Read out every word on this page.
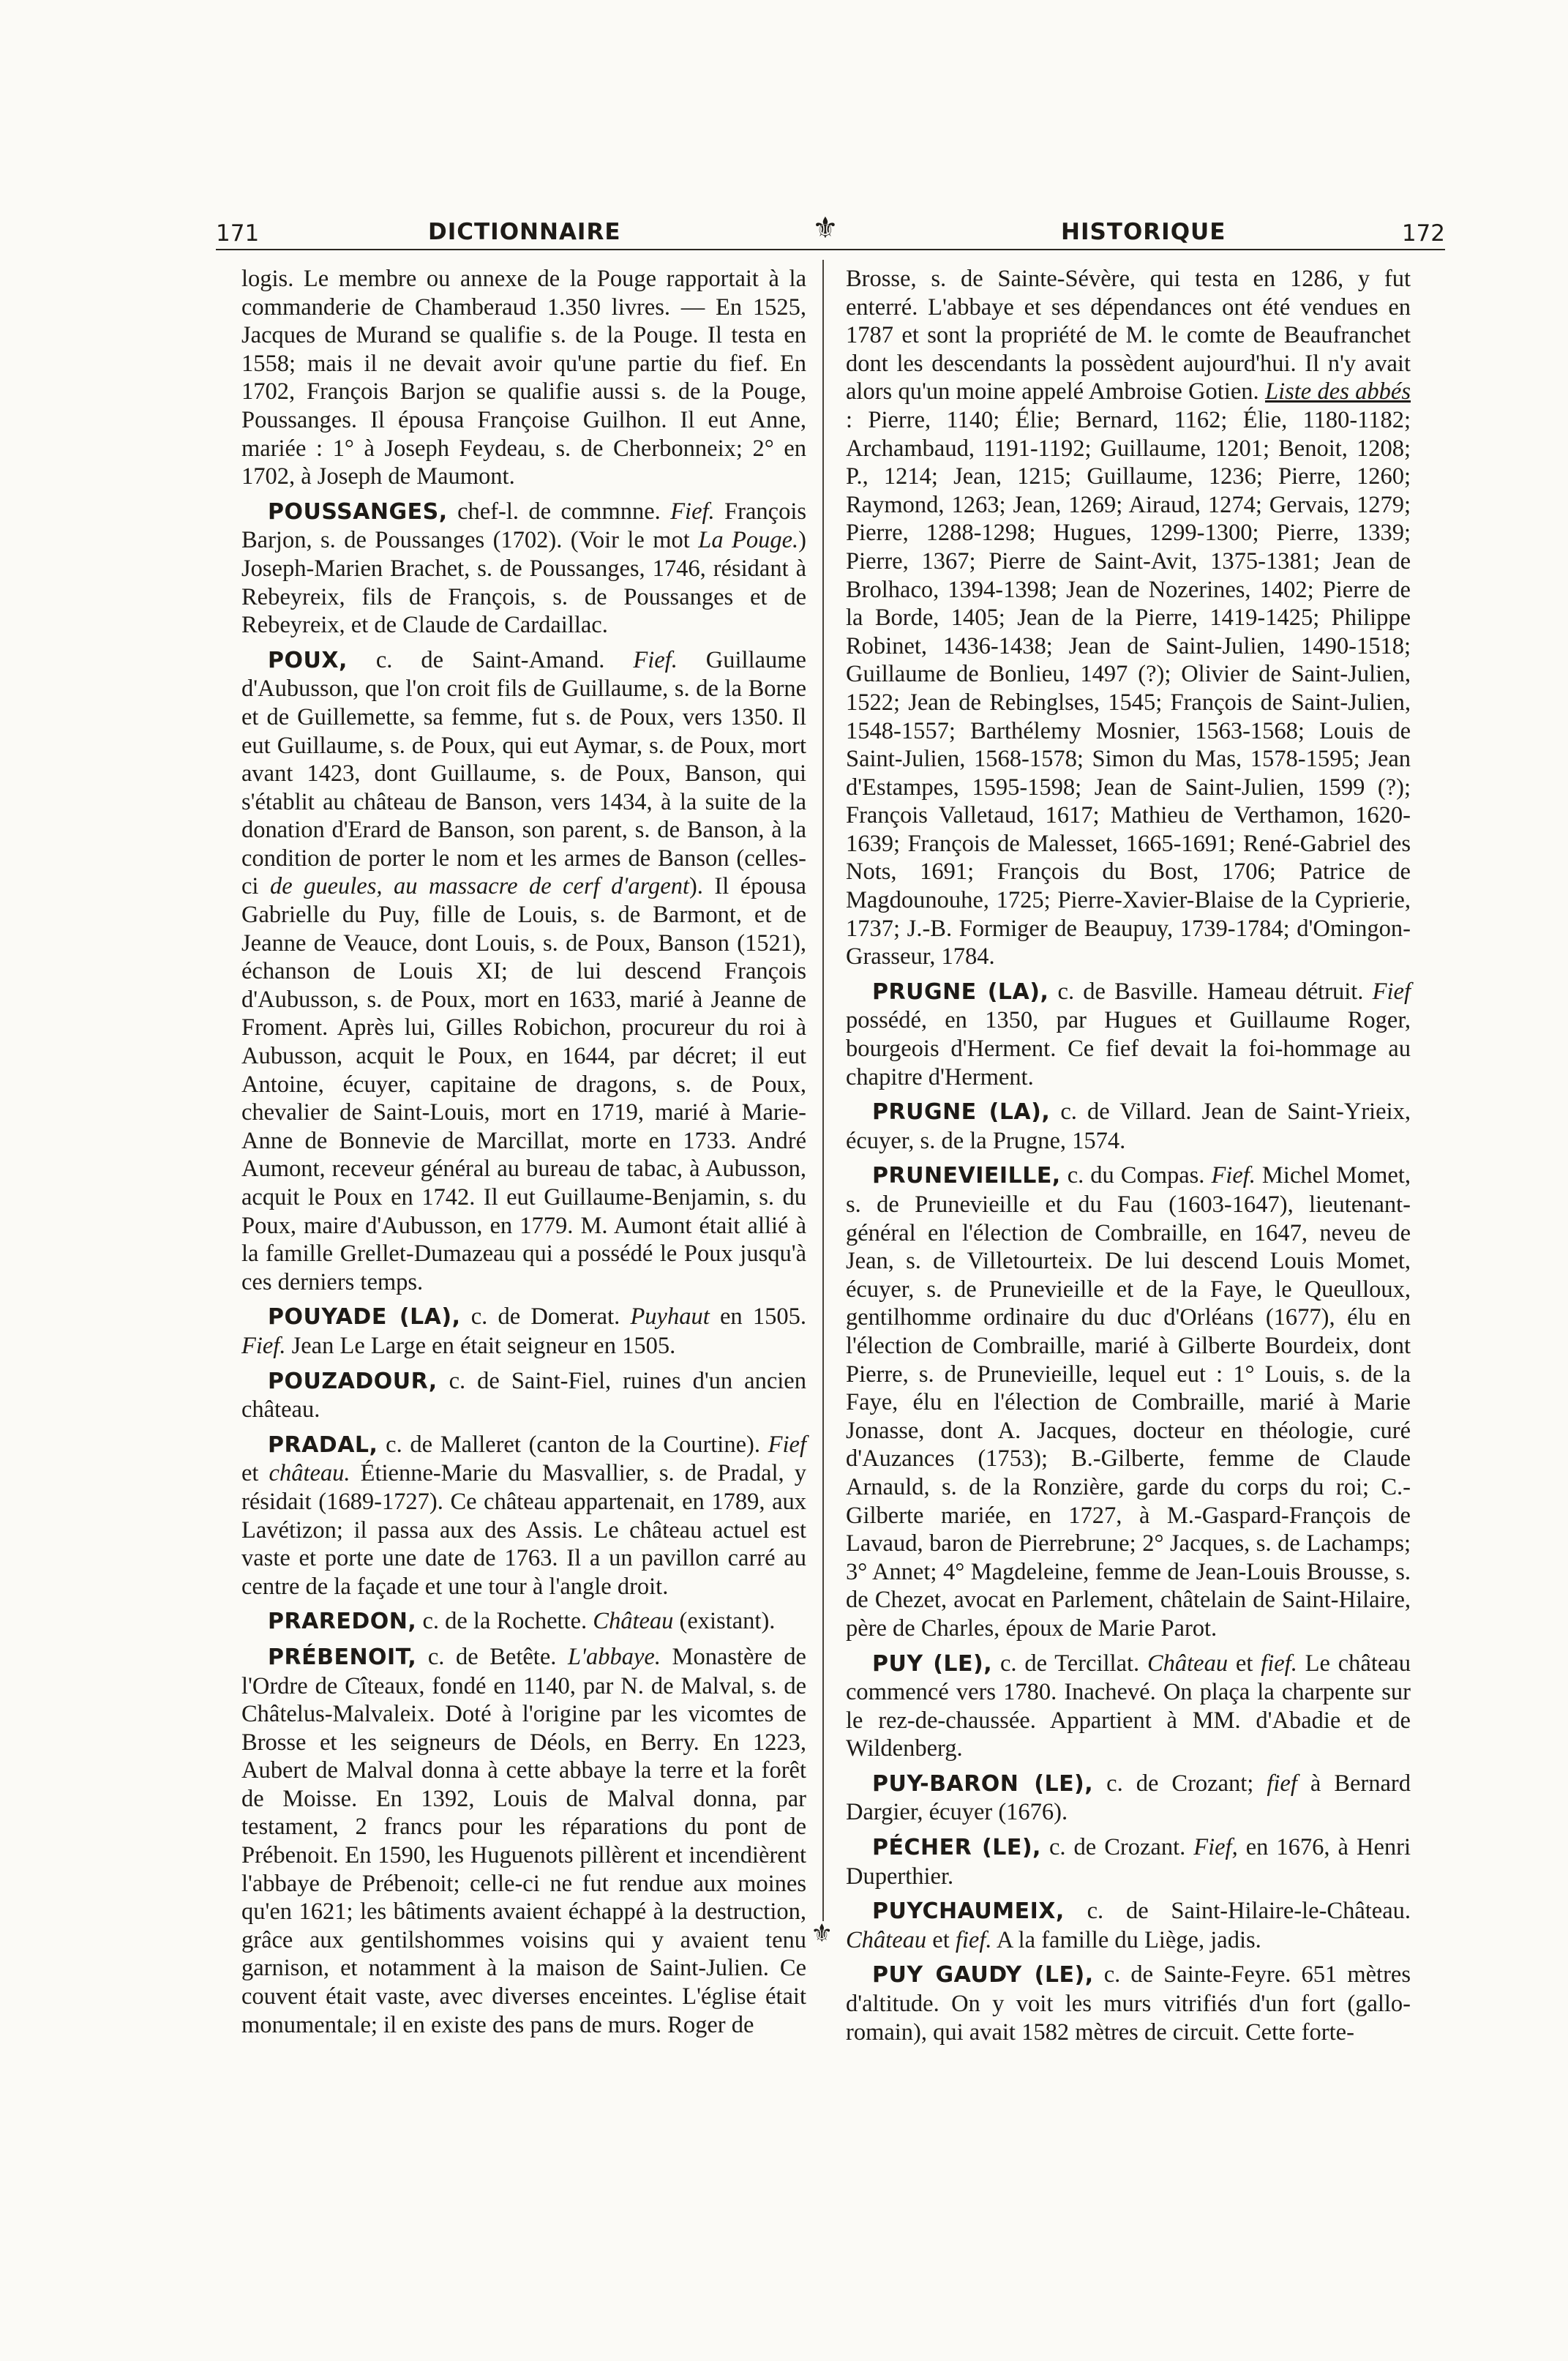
171	DICTIONNAIRE	⚜	HISTORIQUE	172
⚜

logis. Le membre ou annexe de la Pouge rapportait à la commanderie de Chamberaud 1.350 livres. — En 1525, Jacques de Murand se qualifie s. de la Pouge. Il testa en 1558; mais il ne devait avoir qu'une partie du fief. En 1702, François Barjon se qualifie aussi s. de la Pouge, Poussanges. Il épousa Françoise Guilhon. Il eut Anne, mariée : 1° à Joseph Feydeau, s. de Cherbonneix; 2° en 1702, à Joseph de Maumont.

POUSSANGES, chef-l. de commnne. Fief. François Barjon, s. de Poussanges (1702). (Voir le mot La Pouge.) Joseph-Marien Brachet, s. de Poussanges, 1746, résidant à Rebeyreix, fils de François, s. de Poussanges et de Rebeyreix, et de Claude de Cardaillac.

POUX, c. de Saint-Amand. Fief. Guillaume d'Aubusson, que l'on croit fils de Guillaume, s. de la Borne et de Guillemette, sa femme, fut s. de Poux, vers 1350. Il eut Guillaume, s. de Poux, qui eut Aymar, s. de Poux, mort avant 1423, dont Guillaume, s. de Poux, Banson, qui s'établit au château de Banson, vers 1434, à la suite de la donation d'Erard de Banson, son parent, s. de Banson, à la condition de porter le nom et les armes de Banson (celles-ci de gueules, au massacre de cerf d'argent). Il épousa Gabrielle du Puy, fille de Louis, s. de Barmont, et de Jeanne de Veauce, dont Louis, s. de Poux, Banson (1521), échanson de Louis XI; de lui descend François d'Aubusson, s. de Poux, mort en 1633, marié à Jeanne de Froment. Après lui, Gilles Robichon, procureur du roi à Aubusson, acquit le Poux, en 1644, par décret; il eut Antoine, écuyer, capitaine de dragons, s. de Poux, chevalier de Saint-Louis, mort en 1719, marié à Marie-Anne de Bonnevie de Marcillat, morte en 1733. André Aumont, receveur général au bureau de tabac, à Aubusson, acquit le Poux en 1742. Il eut Guillaume-Benjamin, s. du Poux, maire d'Aubusson, en 1779. M. Aumont était allié à la famille Grellet-Dumazeau qui a possédé le Poux jusqu'à ces derniers temps.

POUYADE (LA), c. de Domerat. Puyhaut en 1505. Fief. Jean Le Large en était seigneur en 1505.

POUZADOUR, c. de Saint-Fiel, ruines d'un ancien château.

PRADAL, c. de Malleret (canton de la Courtine). Fief et château. Étienne-Marie du Masvallier, s. de Pradal, y résidait (1689-1727). Ce château appartenait, en 1789, aux Lavétizon; il passa aux des Assis. Le château actuel est vaste et porte une date de 1763. Il a un pavillon carré au centre de la façade et une tour à l'angle droit.

PRAREDON, c. de la Rochette. Château (existant).

PRÉBENOIT, c. de Betête. L'abbaye. Monastère de l'Ordre de Cîteaux, fondé en 1140, par N. de Malval, s. de Châtelus-Malvaleix. Doté à l'origine par les vicomtes de Brosse et les seigneurs de Déols, en Berry. En 1223, Aubert de Malval donna à cette abbaye la terre et la forêt de Moisse. En 1392, Louis de Malval donna, par testament, 2 francs pour les réparations du pont de Prébenoit. En 1590, les Huguenots pillèrent et incendièrent l'abbaye de Prébenoit; celle-ci ne fut rendue aux moines qu'en 1621; les bâtiments avaient échappé à la destruction, grâce aux gentilshommes voisins qui y avaient tenu garnison, et notamment à la maison de Saint-Julien. Ce couvent était vaste, avec diverses enceintes. L'église était monumentale; il en existe des pans de murs. Roger de

Brosse, s. de Sainte-Sévère, qui testa en 1286, y fut enterré. L'abbaye et ses dépendances ont été vendues en 1787 et sont la propriété de M. le comte de Beaufranchet dont les descendants la possèdent aujourd'hui. Il n'y avait alors qu'un moine appelé Ambroise Gotien. Liste des abbés : Pierre, 1140; Élie; Bernard, 1162; Élie, 1180-1182; Archambaud, 1191-1192; Guillaume, 1201; Benoit, 1208; P., 1214; Jean, 1215; Guillaume, 1236; Pierre, 1260; Raymond, 1263; Jean, 1269; Airaud, 1274; Gervais, 1279; Pierre, 1288-1298; Hugues, 1299-1300; Pierre, 1339; Pierre, 1367; Pierre de Saint-Avit, 1375-1381; Jean de Brolhaco, 1394-1398; Jean de Nozerines, 1402; Pierre de la Borde, 1405; Jean de la Pierre, 1419-1425; Philippe Robinet, 1436-1438; Jean de Saint-Julien, 1490-1518; Guillaume de Bonlieu, 1497 (?); Olivier de Saint-Julien, 1522; Jean de Rebinglses, 1545; François de Saint-Julien, 1548-1557; Barthélemy Mosnier, 1563-1568; Louis de Saint-Julien, 1568-1578; Simon du Mas, 1578-1595; Jean d'Estampes, 1595-1598; Jean de Saint-Julien, 1599 (?); François Valletaud, 1617; Mathieu de Verthamon, 1620-1639; François de Malesset, 1665-1691; René-Gabriel des Nots, 1691; François du Bost, 1706; Patrice de Magdounouhe, 1725; Pierre-Xavier-Blaise de la Cyprierie, 1737; J.-B. Formiger de Beaupuy, 1739-1784; d'Omingon-Grasseur, 1784.

PRUGNE (LA), c. de Basville. Hameau détruit. Fief possédé, en 1350, par Hugues et Guillaume Roger, bourgeois d'Herment. Ce fief devait la foi-hommage au chapitre d'Herment.

PRUGNE (LA), c. de Villard. Jean de Saint-Yrieix, écuyer, s. de la Prugne, 1574.

PRUNEVIEILLE, c. du Compas. Fief. Michel Momet, s. de Prunevieille et du Fau (1603-1647), lieutenant-général en l'élection de Combraille, en 1647, neveu de Jean, s. de Villetourteix. De lui descend Louis Momet, écuyer, s. de Prunevieille et de la Faye, le Queulloux, gentilhomme ordinaire du duc d'Orléans (1677), élu en l'élection de Combraille, marié à Gilberte Bourdeix, dont Pierre, s. de Prunevieille, lequel eut : 1° Louis, s. de la Faye, élu en l'élection de Combraille, marié à Marie Jonasse, dont A. Jacques, docteur en théologie, curé d'Auzances (1753); B.-Gilberte, femme de Claude Arnauld, s. de la Ronzière, garde du corps du roi; C.-Gilberte mariée, en 1727, à M.-Gaspard-François de Lavaud, baron de Pierrebrune; 2° Jacques, s. de Lachamps; 3° Annet; 4° Magdeleine, femme de Jean-Louis Brousse, s. de Chezet, avocat en Parlement, châtelain de Saint-Hilaire, père de Charles, époux de Marie Parot.

PUY (LE), c. de Tercillat. Château et fief. Le château commencé vers 1780. Inachevé. On plaça la charpente sur le rez-de-chaussée. Appartient à MM. d'Abadie et de Wildenberg.

PUY-BARON (LE), c. de Crozant; fief à Bernard Dargier, écuyer (1676).

PÉCHER (LE), c. de Crozant. Fief, en 1676, à Henri Duperthier.

PUYCHAUMEIX, c. de Saint-Hilaire-le-Château. Château et fief. A la famille du Liège, jadis.

PUY GAUDY (LE), c. de Sainte-Feyre. 651 mètres d'altitude. On y voit les murs vitrifiés d'un fort (gallo-romain), qui avait 1582 mètres de circuit. Cette forte-
